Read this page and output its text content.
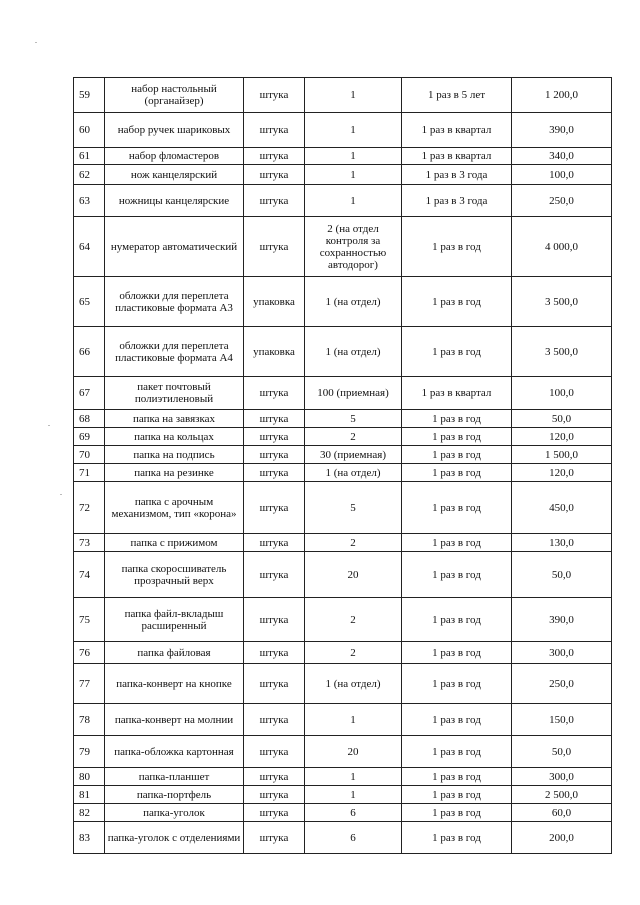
59	набор настольный (органайзер)	штука	1	1 раз в 5 лет	1 200,0
60	набор ручек шариковых	штука	1	1 раз в квартал	390,0
61	набор фломастеров	штука	1	1 раз в квартал	340,0
62	нож канцелярский	штука	1	1 раз в 3 года	100,0
63	ножницы канцелярские	штука	1	1 раз в 3 года	250,0
64	нумератор автоматический	штука	2 (на отдел контроля за сохранностью автодорог)	1 раз в год	4 000,0
65	обложки для переплета пластиковые формата А3	упаковка	1 (на отдел)	1 раз в год	3 500,0
66	обложки для переплета пластиковые формата А4	упаковка	1 (на отдел)	1 раз в год	3 500,0
67	пакет почтовый полиэтиленовый	штука	100 (приемная)	1 раз в квартал	100,0
68	папка на завязках	штука	5	1 раз в год	50,0
69	папка на кольцах	штука	2	1 раз в год	120,0
70	папка на подпись	штука	30 (приемная)	1 раз в год	1 500,0
71	папка на резинке	штука	1 (на отдел)	1 раз в год	120,0
72	папка с арочным механизмом, тип «корона»	штука	5	1 раз в год	450,0
73	папка с прижимом	штука	2	1 раз в год	130,0
74	папка скоросшиватель прозрачный верх	штука	20	1 раз в год	50,0
75	папка файл-вкладыш расширенный	штука	2	1 раз в год	390,0
76	папка файловая	штука	2	1 раз в год	300,0
77	папка-конверт на кнопке	штука	1 (на отдел)	1 раз в год	250,0
78	папка-конверт на молнии	штука	1	1 раз в год	150,0
79	папка-обложка картонная	штука	20	1 раз в год	50,0
80	папка-планшет	штука	1	1 раз в год	300,0
81	папка-портфель	штука	1	1 раз в год	2 500,0
82	папка-уголок	штука	6	1 раз в год	60,0
83	папка-уголок с отделениями	штука	6	1 раз в год	200,0
